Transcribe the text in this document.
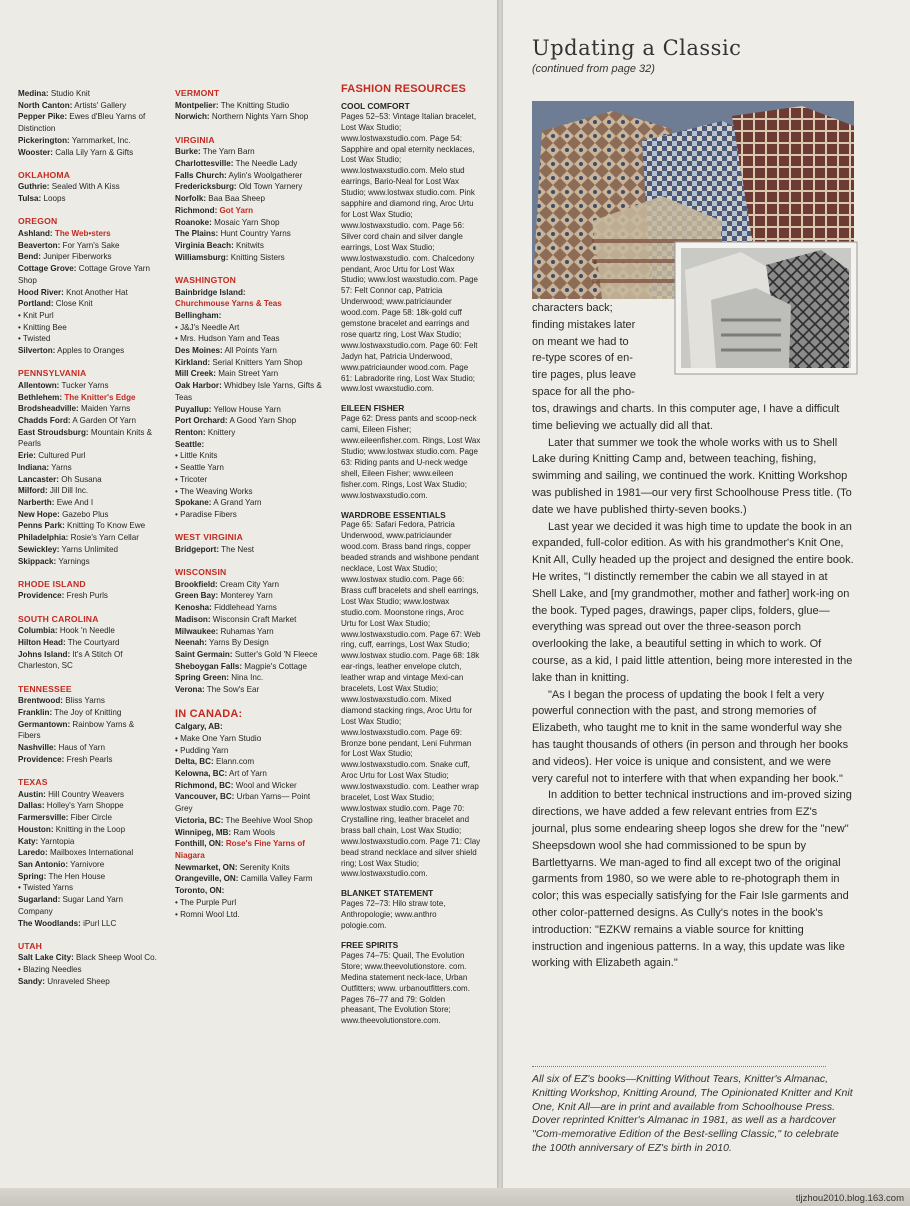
Medina: Studio Knit
North Canton: Artists' Gallery
Pepper Pike: Ewes d'Bleu Yarns of Distinction
Pickerington: Yarnmarket, Inc.
Wooster: Calla Lily Yarn & Gifts
OKLAHOMA
Guthrie: Sealed With A Kiss
Tulsa: Loops
OREGON
Ashland: The Web•sters
Beaverton: For Yarn's Sake
Bend: Juniper Fiberworks
Cottage Grove: Cottage Grove Yarn Shop
Hood River: Knot Another Hat
Portland: Close Knit
• Knit Purl
• Knitting Bee
• Twisted
Silverton: Apples to Oranges
PENNSYLVANIA
Allentown: Tucker Yarns
Bethlehem: The Knitter's Edge
Brodsheadville: Maiden Yarns
Chadds Ford: A Garden Of Yarn
East Stroudsburg: Mountain Knits & Pearls
Erie: Cultured Purl
Indiana: Yarns
Lancaster: Oh Susana
Milford: Jill Dill Inc.
Narberth: Ewe And I
New Hope: Gazebo Plus
Penns Park: Knitting To Know Ewe
Philadelphia: Rosie's Yarn Cellar
Sewickley: Yarns Unlimited
Skippack: Yarnings
RHODE ISLAND
Providence: Fresh Purls
SOUTH CAROLINA
Columbia: Hook 'n Needle
Hilton Head: The Courtyard
Johns Island: It's A Stitch Of Charleston, SC
TENNESSEE
Brentwood: Bliss Yarns
Franklin: The Joy of Knitting
Germantown: Rainbow Yarns & Fibers
Nashville: Haus of Yarn
Providence: Fresh Pearls
TEXAS
Austin: Hill Country Weavers
Dallas: Holley's Yarn Shoppe
Farmersville: Fiber Circle
Houston: Knitting in the Loop
Katy: Yarntopia
Laredo: Mailboxes International
San Antonio: Yarnivore
Spring: The Hen House
• Twisted Yarns
Sugarland: Sugar Land Yarn Company
The Woodlands: iPurl LLC
UTAH
Salt Lake City: Black Sheep Wool Co.
• Blazing Needles
Sandy: Unraveled Sheep
VERMONT
Montpelier: The Knitting Studio
Norwich: Northern Nights Yarn Shop
VIRGINIA
Burke: The Yarn Barn
Charlottesville: The Needle Lady
Falls Church: Aylin's Woolgatherer
Fredericksburg: Old Town Yarnery
Norfolk: Baa Baa Sheep
Richmond: Got Yarn
Roanoke: Mosaic Yarn Shop
The Plains: Hunt Country Yarns
Virginia Beach: Knitwits
Williamsburg: Knitting Sisters
WASHINGTON
Bainbridge Island:
Churchmouse Yarns & Teas
Bellingham:
• J&J's Needle Art
• Mrs. Hudson Yarn and Teas
Des Moines: All Points Yarn
Kirkland: Serial Knitters Yarn Shop
Mill Creek: Main Street Yarn
Oak Harbor: Whidbey Isle Yarns, Gifts & Teas
Puyallup: Yellow House Yarn
Port Orchard: A Good Yarn Shop
Renton: Knittery
Seattle:
• Little Knits
• Seattle Yarn
• Tricoter
• The Weaving Works
Spokane: A Grand Yarn
• Paradise Fibers
WEST VIRGINIA
Bridgeport: The Nest
WISCONSIN
Brookfield: Cream City Yarn
Green Bay: Monterey Yarn
Kenosha: Fiddlehead Yarns
Madison: Wisconsin Craft Market
Milwaukee: Ruhamas Yarn
Neenah: Yarns By Design
Saint Germain: Sutter's Gold 'N Fleece
Sheboygan Falls: Magpie's Cottage
Spring Green: Nina Inc.
Verona: The Sow's Ear
IN CANADA:
Calgary, AB:
• Make One Yarn Studio
• Pudding Yarn
Delta, BC: Elann.com
Kelowna, BC: Art of Yarn
Richmond, BC: Wool and Wicker
Vancouver, BC: Urban Yarns— Point Grey
Victoria, BC: The Beehive Wool Shop
Winnipeg, MB: Ram Wools
Fonthill, ON: Rose's Fine Yarns of Niagara
Newmarket, ON: Serenity Knits
Orangeville, ON: Camilla Valley Farm
Toronto, ON:
• The Purple Purl
• Romni Wool Ltd.
FASHION RESOURCES
COOL COMFORT

Pages 52–53: Vintage Italian bracelet, Lost Wax Studio; www.lostwaxstudio.com. Page 54: Sapphire and opal eternity necklaces, Lost Wax Studio; www.lostwaxstudio.com. Melo stud earrings, Bario-Neal for Lost Wax Studio; www.lostwax studio.com. Pink sapphire and diamond ring, Aroc Urtu for Lost Wax Studio; www.lostwaxstudio. com. Page 56: Silver cord chain and silver dangle earrings, Lost Wax Studio; www.lostwaxstudio. com. Chalcedony pendant, Aroc Urtu for Lost Wax Studio; www.lost waxstudio.com. Page 57: Felt Connor cap, Patricia Underwood; www.patriciaunder wood.com. Page 58: 18k-gold cuff gemstone bracelet and earrings and rose quartz ring, Lost Wax Studio; www.lostwaxstudio.com. Page 60: Felt Jadyn hat, Patricia Underwood, www.patriciaunder wood.com. Page 61: Labradorite ring, Lost Wax Studio; www.lost vwaxstudio.com.

EILEEN FISHER

Page 62: Dress pants and scoop-neck cami, Eileen Fisher; www.eileenfisher.com. Rings, Lost Wax Studio; www.lostwax studio.com. Page 63: Riding pants and U-neck wedge shell, Eileen Fisher; www.eileen fisher.com. Rings, Lost Wax Studio; www.lostwaxstudio.com.

WARDROBE ESSENTIALS

Page 65: Safari Fedora, Patricia Underwood, www.patriciaunder wood.com. Brass band rings, copper beaded strands and wishbone pendant necklace, Lost Wax Studio; www.lostwax studio.com. Page 66: Brass cuff bracelets and shell earrings, Lost Wax Studio; www.lostwax studio.com. Moonstone rings, Aroc Urtu for Lost Wax Studio; www.lostwaxstudio.com. Page 67: Web ring, cuff, earrings, Lost Wax Studio; www.lostwax studio.com. Page 68: 18k ear-rings, leather envelope clutch, leather wrap and vintage Mexi-can bracelets, Lost Wax Studio; www.lostwaxstudio.com. Mixed diamond stacking rings, Aroc Urtu for Lost Wax Studio; www.lostwaxstudio.com. Page 69: Bronze bone pendant, Leni Fuhrman for Lost Wax Studio; www.lostwaxstudio.com. Snake cuff, Aroc Urtu for Lost Wax Studio; www.lostwaxstudio. com. Leather wrap bracelet, Lost Wax Studio; www.lostwax studio.com. Page 70: Crystalline ring, leather bracelet and brass ball chain, Lost Wax Studio; www.lostwaxstudio.com. Page 71: Clay bead strand necklace and silver shield ring; Lost Wax Studio; www.lostwaxstudio.com.

BLANKET STATEMENT

Pages 72–73: Hilo straw tote, Anthropologie; www.anthro pologie.com.

FREE SPIRITS

Pages 74–75: Quail, The Evolution Store; www.theevolutionstore. com. Medina statement neck-lace, Urban Outfitters; www. urbanoutfitters.com. Pages 76–77 and 79: Golden pheasant, The Evolution Store; www.theevolutionstore.com.

Updating a Classic
(continued from page 32)
characters back;
finding mistakes later
on meant we had to
re-type scores of en-
tire pages, plus leave
space for all the pho-

tos, drawings and charts. In this computer age, I have a difficult time believing we actually did all that.

Later that summer we took the whole works with us to Shell Lake during Knitting Camp and, between teaching, fishing, swimming and sailing, we continued the work. Knitting Workshop was published in 1981—our very first Schoolhouse Press title. (To date we have published thirty-seven books.)

Last year we decided it was high time to update the book in an expanded, full-color edition. As with his grandmother's Knit One, Knit All, Cully headed up the project and designed the entire book. He writes, "I distinctly remember the cabin we all stayed in at Shell Lake, and [my grandmother, mother and father] work-ing on the book. Typed pages, drawings, paper clips, folders, glue—everything was spread out over the three-season porch overlooking the lake, a beautiful setting in which to work. Of course, as a kid, I paid little attention, being more interested in the lake than in knitting.

"As I began the process of updating the book I felt a very powerful connection with the past, and strong memories of Elizabeth, who taught me to knit in the same wonderful way she has taught thousands of others (in person and through her books and videos). Her voice is unique and consistent, and we were very careful not to interfere with that when expanding her book."

In addition to better technical instructions and im-proved sizing directions, we have added a few relevant entries from EZ's journal, plus some endearing sheep logos she drew for the "new" Sheepsdown wool she had commissioned to be spun by Bartlettyarns. We man-aged to find all except two of the original garments from 1980, so we were able to re-photograph them in color; this was especially satisfying for the Fair Isle garments and other color-patterned designs. As Cully's notes in the book's introduction: "EZKW remains a viable source for knitting instruction and ingenious patterns. In a way, this update was like working with Elizabeth again."

All six of EZ's books—Knitting Without Tears, Knitter's Almanac, Knitting Workshop, Knitting Around, The Opinionated Knitter and Knit One, Knit All—are in print and available from Schoolhouse Press. Dover reprinted Knitter's Almanac in 1981, as well as a hardcover "Com-memorative Edition of the Best-selling Classic," to celebrate the 100th anniversary of EZ's birth in 2010.
tljzhou2010.blog.163.com
